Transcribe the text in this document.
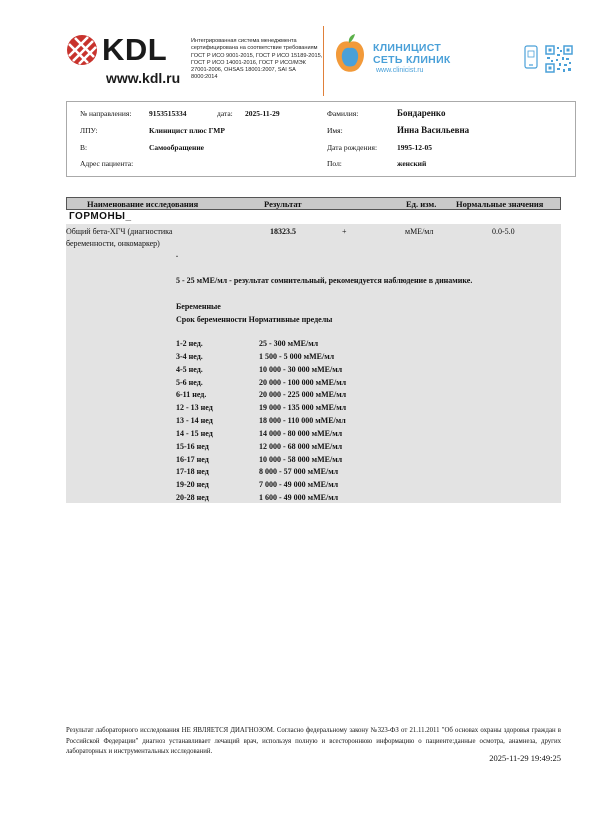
KDL
www.kdl.ru
Интегрированная система менеджмента сертифицирована на соответствие требованиям ГОСТ Р ИСО 9001-2015, ГОСТ Р ИСО 15189-2015, ГОСТ Р ИСО 14001-2016, ГОСТ Р ИСО/МЭК 27001-2006, OHSAS 18001:2007, SAI SA 8000:2014
КЛИНИЦИСТ
СЕТЬ КЛИНИК
www.clinicist.ru
№ направления: 9153515334	дата: 2025-11-29
ЛПУ:	Клиницист плюс ГМР
В:	Самообращение
Адрес пациента:
Фамилия:	Бондаренко
Имя:	Инна Васильевна
Дата рождения:	1995-12-05
Пол:	женский
Наименование исследования	Результат	Ед. изм. Нормальные значения
ГОРМОНЫ_
Общий бета-ХГЧ (диагностика беременности, онкомаркер)
18323.5	+	мМЕ/мл	0.0-5.0
.
5 - 25 мМЕ/мл - результат сомнительный, рекомендуется наблюдение в динамике.
Беременные
Срок беременности Нормативные пределы
1-2 нед.	25 - 300 мМЕ/мл
3-4 нед.	1 500 - 5 000 мМЕ/мл
4-5 нед.	10 000 - 30 000 мМЕ/мл
5-6 нед.	20 000 - 100 000 мМЕ/мл
6-11 нед.	20 000 - 225 000 мМЕ/мл
12 - 13 нед	19 000 - 135 000 мМЕ/мл
13 - 14 нед	18 000 - 110 000 мМЕ/мл
14 - 15 нед	14 000 - 80 000 мМЕ/мл
15-16 нед	12 000 - 68 000 мМЕ/мл
16-17 нед	10 000 - 58 000 мМЕ/мл
17-18 нед	8 000 - 57 000 мМЕ/мл
19-20 нед	7 000 - 49 000 мМЕ/мл
20-28 нед	1 600 - 49 000 мМЕ/мл
Результат лабораторного исследования НЕ ЯВЛЯЕТСЯ ДИАГНОЗОМ. Согласно федеральному закону №323-ФЗ от 21.11.2011 "Об основах охраны здоровья граждан в Российской Федерации" диагноз устанавливает лечащий врач, используя полную и всестороннюю информацию о пациенте:данные осмотра, анамнеза, других лабораторных и инструментальных исследований.
2025-11-29 19:49:25
